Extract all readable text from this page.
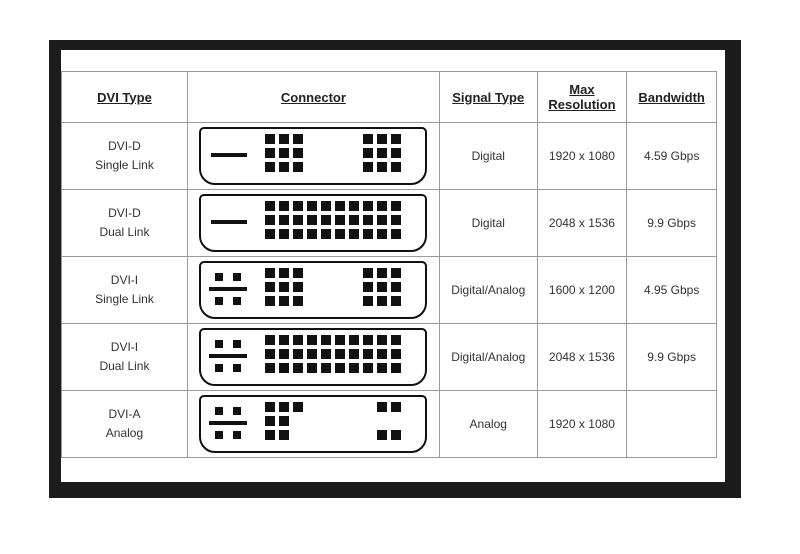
DVI Type	Connector	Signal Type	Max
Resolution	Bandwidth
DVI-D
Single Link		Digital	1920 x 1080	4.59 Gbps
DVI-D
Dual Link		Digital	2048 x 1536	9.9 Gbps
DVI-I
Single Link		Digital/Analog	1600 x 1200	4.95 Gbps
DVI-I
Dual Link		Digital/Analog	2048 x 1536	9.9 Gbps
DVI-A
Analog		Analog	1920 x 1080	
